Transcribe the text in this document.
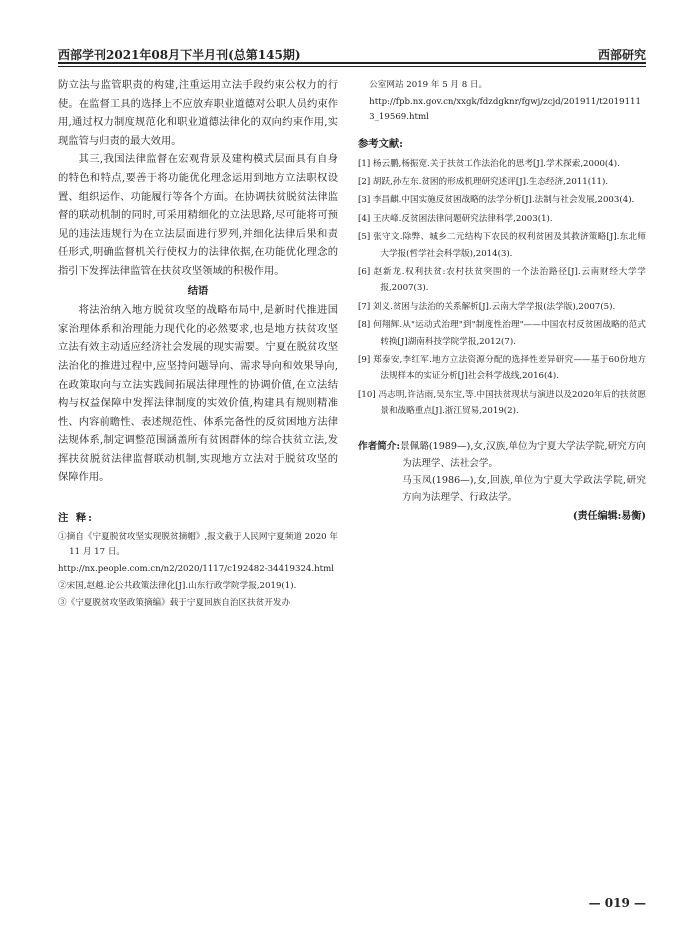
西部学刊2021年08月下半月刊(总第145期)	西部研究

防立法与监管职责的构建,注重运用立法手段约束公权力的行使。在监督工具的选择上不应放弃职业道德对公职人员约束作用,通过权力制度规范化和职业道德法律化的双向约束作用,实现监管与归责的最大效用。

其三,我国法律监督在宏观背景及建构模式层面具有自身的特色和特点,要善于将功能优化理念运用到地方立法职权设置、组织运作、功能履行等各个方面。在协调扶贫脱贫法律监督的联动机制的同时,可采用精细化的立法思路,尽可能将可预见的违法违规行为在立法层面进行罗列,并细化法律后果和责任形式,明确监督机关行使权力的法律依据,在功能优化理念的指引下发挥法律监管在扶贫攻坚领域的积极作用。

结语

将法治纳入地方脱贫攻坚的战略布局中,是新时代推进国家治理体系和治理能力现代化的必然要求,也是地方扶贫攻坚立法有效主动适应经济社会发展的现实需要。宁夏在脱贫攻坚法治化的推进过程中,应坚持问题导向、需求导向和效果导向,在政策取向与立法实践间拓展法律理性的协调价值,在立法结构与权益保障中发挥法律制度的实效价值,构建具有规则精准性、内容前瞻性、表述规范性、体系完备性的反贫困地方法律法规体系,制定调整范围涵盖所有贫困群体的综合扶贫立法,发挥扶贫脱贫法律监督联动机制,实现地方立法对于脱贫攻坚的保障作用。

注 释:

①摘自《宁夏脱贫攻坚实现脱贫摘帽》,报文截于人民网宁夏频道 2020 年 11 月 17 日。

http://nx.people.com.cn/n2/2020/1117/c192482-34419324.html

②宋国,赵越.论公共政策法律化[J].山东行政学院学报,2019(1).

③《宁夏脱贫攻坚政策摘编》载于宁夏回族自治区扶贫开发办

公室网站 2019 年 5 月 8 日。

http://fpb.nx.gov.cn/xxgk/fdzdgknr/fgwj/zcjd/201911/t20191113_19569.html

参考文献:

[1] 杨云鹏,杨振宽.关于扶贫工作法治化的思考[J].学术探索,2000(4).

[2] 胡跃,孙左东.贫困的形成机理研究述评[J].生态经济,2011(11).

[3] 李昌麒.中国实施反贫困战略的法学分析[J].法制与社会发展,2003(4).

[4] 王庆峰.反贫困法律问题研究法律科学,2003(1).

[5] 张守文.除弊、城乡二元结构下农民的权利贫困及其救济策略[J].东北师大学报(哲学社会科学版),2014(3).

[6] 赵新龙.权利扶贫:农村扶贫突围的一个法治路径[J].云南财经大学学报,2007(3).

[7] 刘义.贫困与法治的关系解析[J].云南大学学报(法学版),2007(5).

[8] 何翔辉.从"运动式治理"到"制度性治理"——中国农村反贫困战略的范式转换[J]湖南科技学院学报,2012(7).

[9] 郑泰安,李红军.地方立法资源分配的选择性差异研究——基于60份地方法规样本的实证分析[J]社会科学战线,2016(4).

[10] 冯志明,许洁雨,吴东宝,等.中国扶贫现状与演进以及2020年后的扶贫愿景和战略重点[J].浙江贸易,2019(2).

作者简介:景佩璐(1989—),女,汉族,单位为宁夏大学法学院,研究方向为法理学、法社会学。

马玉凤(1986—),女,回族,单位为宁夏大学政法学院,研究方向为法理学、行政法学。

(责任编辑:易衡)

— 019 —
